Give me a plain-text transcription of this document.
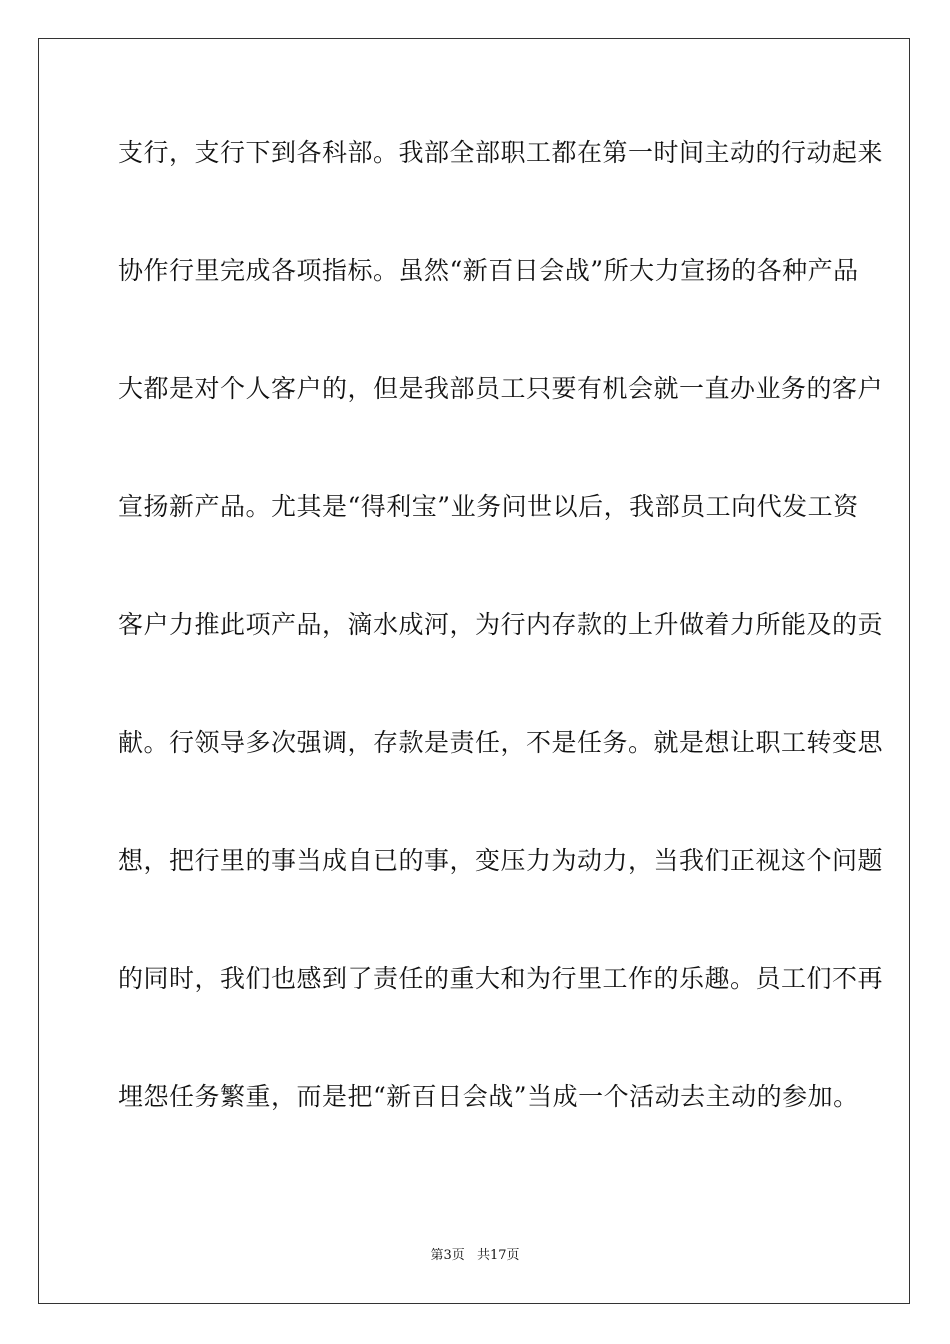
支行，支行下到各科部。我部全部职工都在第一时间主动的行动起来
协作行里完成各项指标。虽然“新百日会战”所大力宣扬的各种产品
大都是对个人客户的，但是我部员工只要有机会就一直办业务的客户
宣扬新产品。尤其是“得利宝”业务问世以后，我部员工向代发工资
客户力推此项产品，滴水成河，为行内存款的上升做着力所能及的贡
献。行领导多次强调，存款是责任，不是任务。就是想让职工转变思
想，把行里的事当成自已的事，变压力为动力，当我们正视这个问题
的同时，我们也感到了责任的重大和为行里工作的乐趣。员工们不再
埋怨任务繁重，而是把“新百日会战”当成一个活动去主动的参加。
第3页 共17页
